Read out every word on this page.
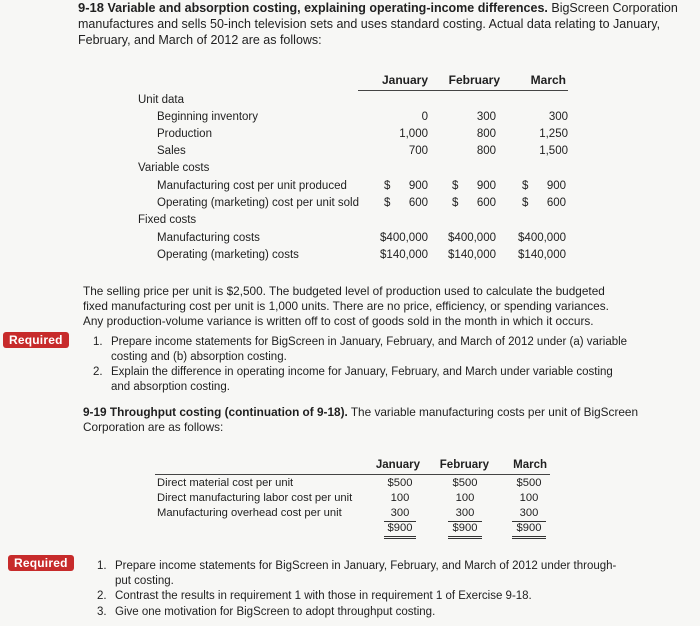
9-18 Variable and absorption costing, explaining operating-income differences. BigScreen Corporation
manufactures and sells 50-inch television sets and uses standard costing. Actual data relating to January,
February, and March of 2012 are as follows:
January	February	March
Unit data
Beginning inventory	0	300	300
Production	1,000	800	1,250
Sales	700	800	1,500
Variable costs
Manufacturing cost per unit produced	$	900 $	900 $	900
Operating (marketing) cost per unit sold $	600 $	600 $	600
Fixed costs
Manufacturing costs	$400,000	$400,000	$400,000
Operating (marketing) costs	$140,000	$140,000	$140,000
The selling price per unit is $2,500. The budgeted level of production used to calculate the budgeted
fixed manufacturing cost per unit is 1,000 units. There are no price, efficiency, or spending variances.
Any production-volume variance is written off to cost of goods sold in the month in which it occurs.
Required	1. Prepare income statements for BigScreen in January, February, and March of 2012 under (a) variable costing and (b) absorption costing.
2. Explain the difference in operating income for January, February, and March under variable costing and absorption costing.
9-19 Throughput costing (continuation of 9-18). The variable manufacturing costs per unit of BigScreen
Corporation are as follows:
January	February	March
Direct material cost per unit	$500	$500	$500
Direct manufacturing labor cost per unit	100	100	100
Manufacturing overhead cost per unit	300	300	300
$900	$900	$900
Required	1. Prepare income statements for BigScreen in January, February, and March of 2012 under through-put costing.
2. Contrast the results in requirement 1 with those in requirement 1 of Exercise 9-18.
3. Give one motivation for BigScreen to adopt throughput costing.
